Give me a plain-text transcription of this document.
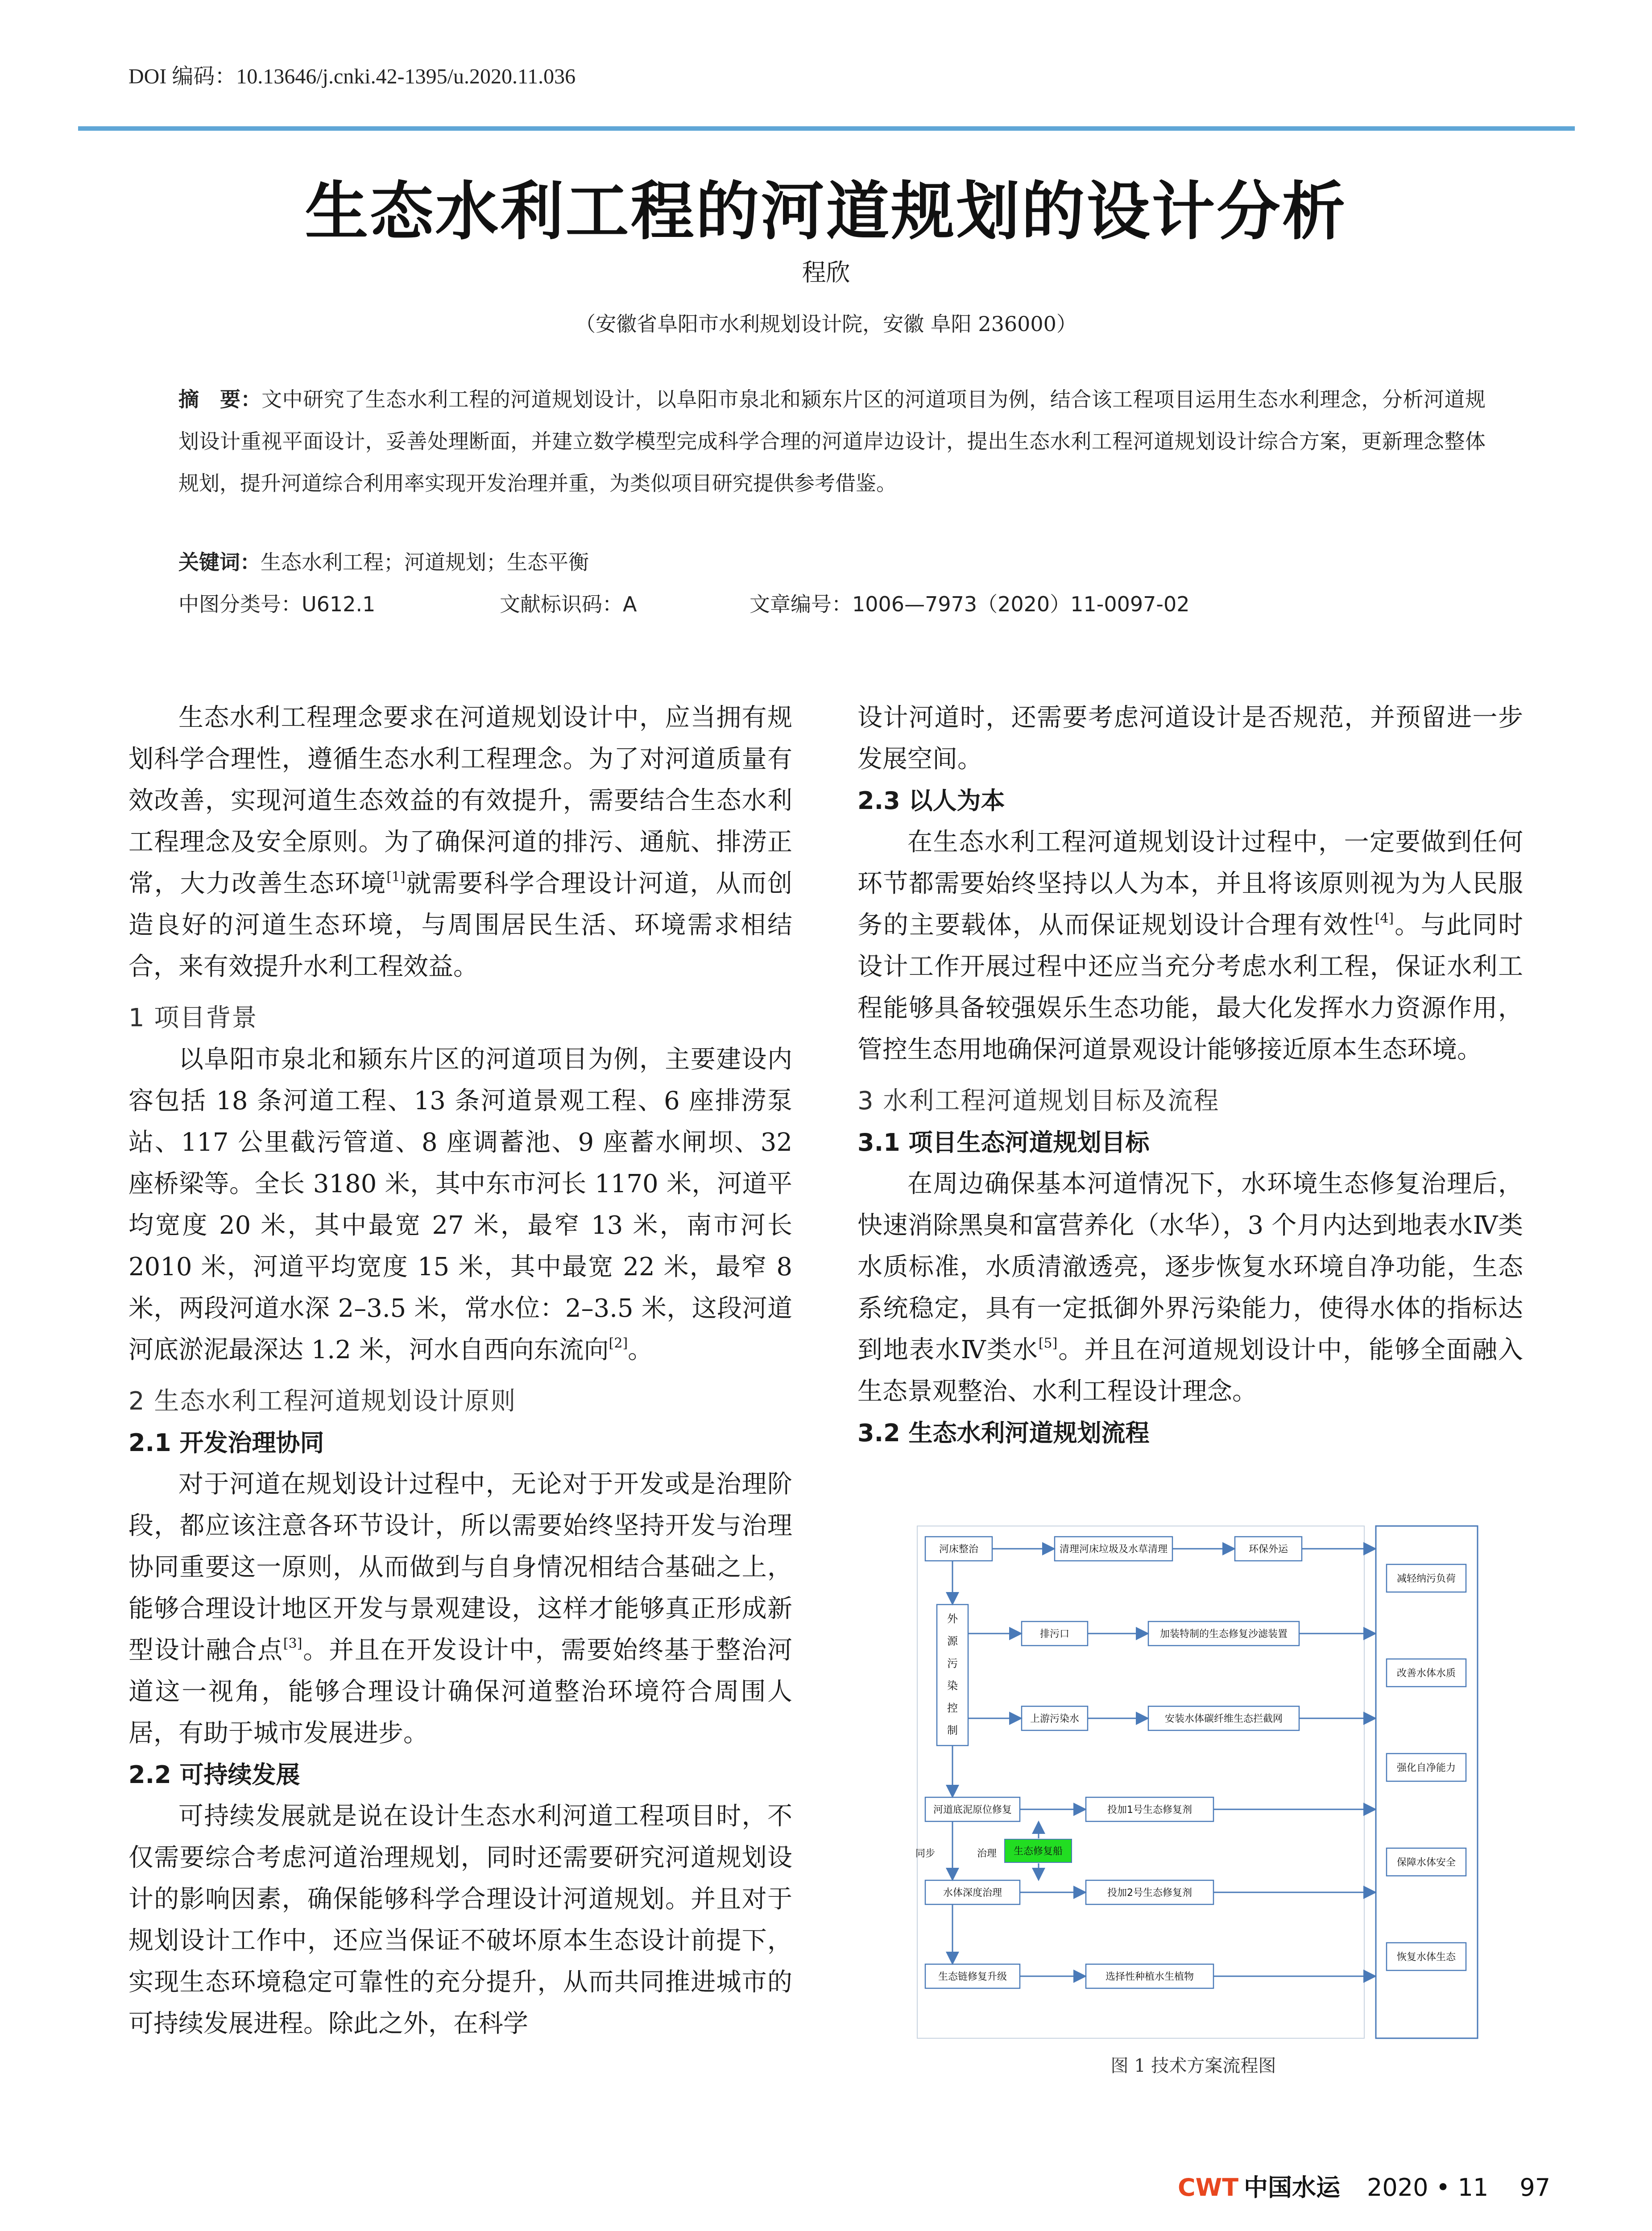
DOI 编码：10.13646/j.cnki.42-1395/u.2020.11.036
生态水利工程的河道规划的设计分析
程欣
（安徽省阜阳市水利规划设计院，安徽 阜阳 236000）
摘　要：文中研究了生态水利工程的河道规划设计，以阜阳市泉北和颍东片区的河道项目为例，结合该工程项目运用生态水利理念，分析河道规划设计重视平面设计，妥善处理断面，并建立数学模型完成科学合理的河道岸边设计，提出生态水利工程河道规划设计综合方案，更新理念整体规划，提升河道综合利用率实现开发治理并重，为类似项目研究提供参考借鉴。
关键词：生态水利工程；河道规划；生态平衡
中图分类号：U612.1	文献标识码：A	文章编号：1006—7973（2020）11-0097-02

生态水利工程理念要求在河道规划设计中，应当拥有规划科学合理性，遵循生态水利工程理念。为了对河道质量有效改善，实现河道生态效益的有效提升，需要结合生态水利工程理念及安全原则。为了确保河道的排污、通航、排涝正常，大力改善生态环境[1]就需要科学合理设计河道，从而创造良好的河道生态环境，与周围居民生活、环境需求相结合，来有效提升水利工程效益。

1 项目背景

以阜阳市泉北和颍东片区的河道项目为例，主要建设内容包括 18 条河道工程、13 条河道景观工程、6 座排涝泵站、117 公里截污管道、8 座调蓄池、9 座蓄水闸坝、32 座桥梁等。全长 3180 米，其中东市河长 1170 米，河道平均宽度 20 米，其中最宽 27 米，最窄 13 米，南市河长 2010 米，河道平均宽度 15 米，其中最宽 22 米，最窄 8 米，两段河道水深 2–3.5 米，常水位：2–3.5 米，这段河道河底淤泥最深达 1.2 米，河水自西向东流向[2]。

2 生态水利工程河道规划设计原则

2.1 开发治理协同

对于河道在规划设计过程中，无论对于开发或是治理阶段，都应该注意各环节设计，所以需要始终坚持开发与治理协同重要这一原则，从而做到与自身情况相结合基础之上，能够合理设计地区开发与景观建设，这样才能够真正形成新型设计融合点[3]。并且在开发设计中，需要始终基于整治河道这一视角，能够合理设计确保河道整治环境符合周围人居，有助于城市发展进步。

2.2 可持续发展

可持续发展就是说在设计生态水利河道工程项目时，不仅需要综合考虑河道治理规划，同时还需要研究河道规划设计的影响因素，确保能够科学合理设计河道规划。并且对于规划设计工作中，还应当保证不破坏原本生态设计前提下，实现生态环境稳定可靠性的充分提升，从而共同推进城市的可持续发展进程。除此之外，在科学

设计河道时，还需要考虑河道设计是否规范，并预留进一步发展空间。

2.3 以人为本

在生态水利工程河道规划设计过程中，一定要做到任何环节都需要始终坚持以人为本，并且将该原则视为为人民服务的主要载体，从而保证规划设计合理有效性[4]。与此同时设计工作开展过程中还应当充分考虑水利工程，保证水利工程能够具备较强娱乐生态功能，最大化发挥水力资源作用，管控生态用地确保河道景观设计能够接近原本生态环境。

3 水利工程河道规划目标及流程

3.1 项目生态河道规划目标

在周边确保基本河道情况下，水环境生态修复治理后，快速消除黑臭和富营养化（水华），3 个月内达到地表水Ⅳ类水质标准，水质清澈透亮，逐步恢复水环境自净功能，生态系统稳定，具有一定抵御外界污染能力，使得水体的指标达到地表水Ⅳ类水[5]。并且在河道规划设计中，能够全面融入生态景观整治、水利工程设计理念。

3.2 生态水利河道规划流程

河床整治	清理河床垃圾及水草清理	环保外运
排污口	加装特制的生态修复沙滤装置
上游污染水	安装水体碳纤维生态拦截网
河道底泥原位修复	投加1号生态修复剂
生态修复船
水体深度治理	投加2号生态修复剂
生态链修复升级	选择性种植水生植物
同步	治理
减轻纳污负荷
改善水体水质
强化自净能力
保障水体安全
恢复水体生态
外
源
污
染
控
制
图 1 技术方案流程图
CWT 中国水运 2020 • 11 97
